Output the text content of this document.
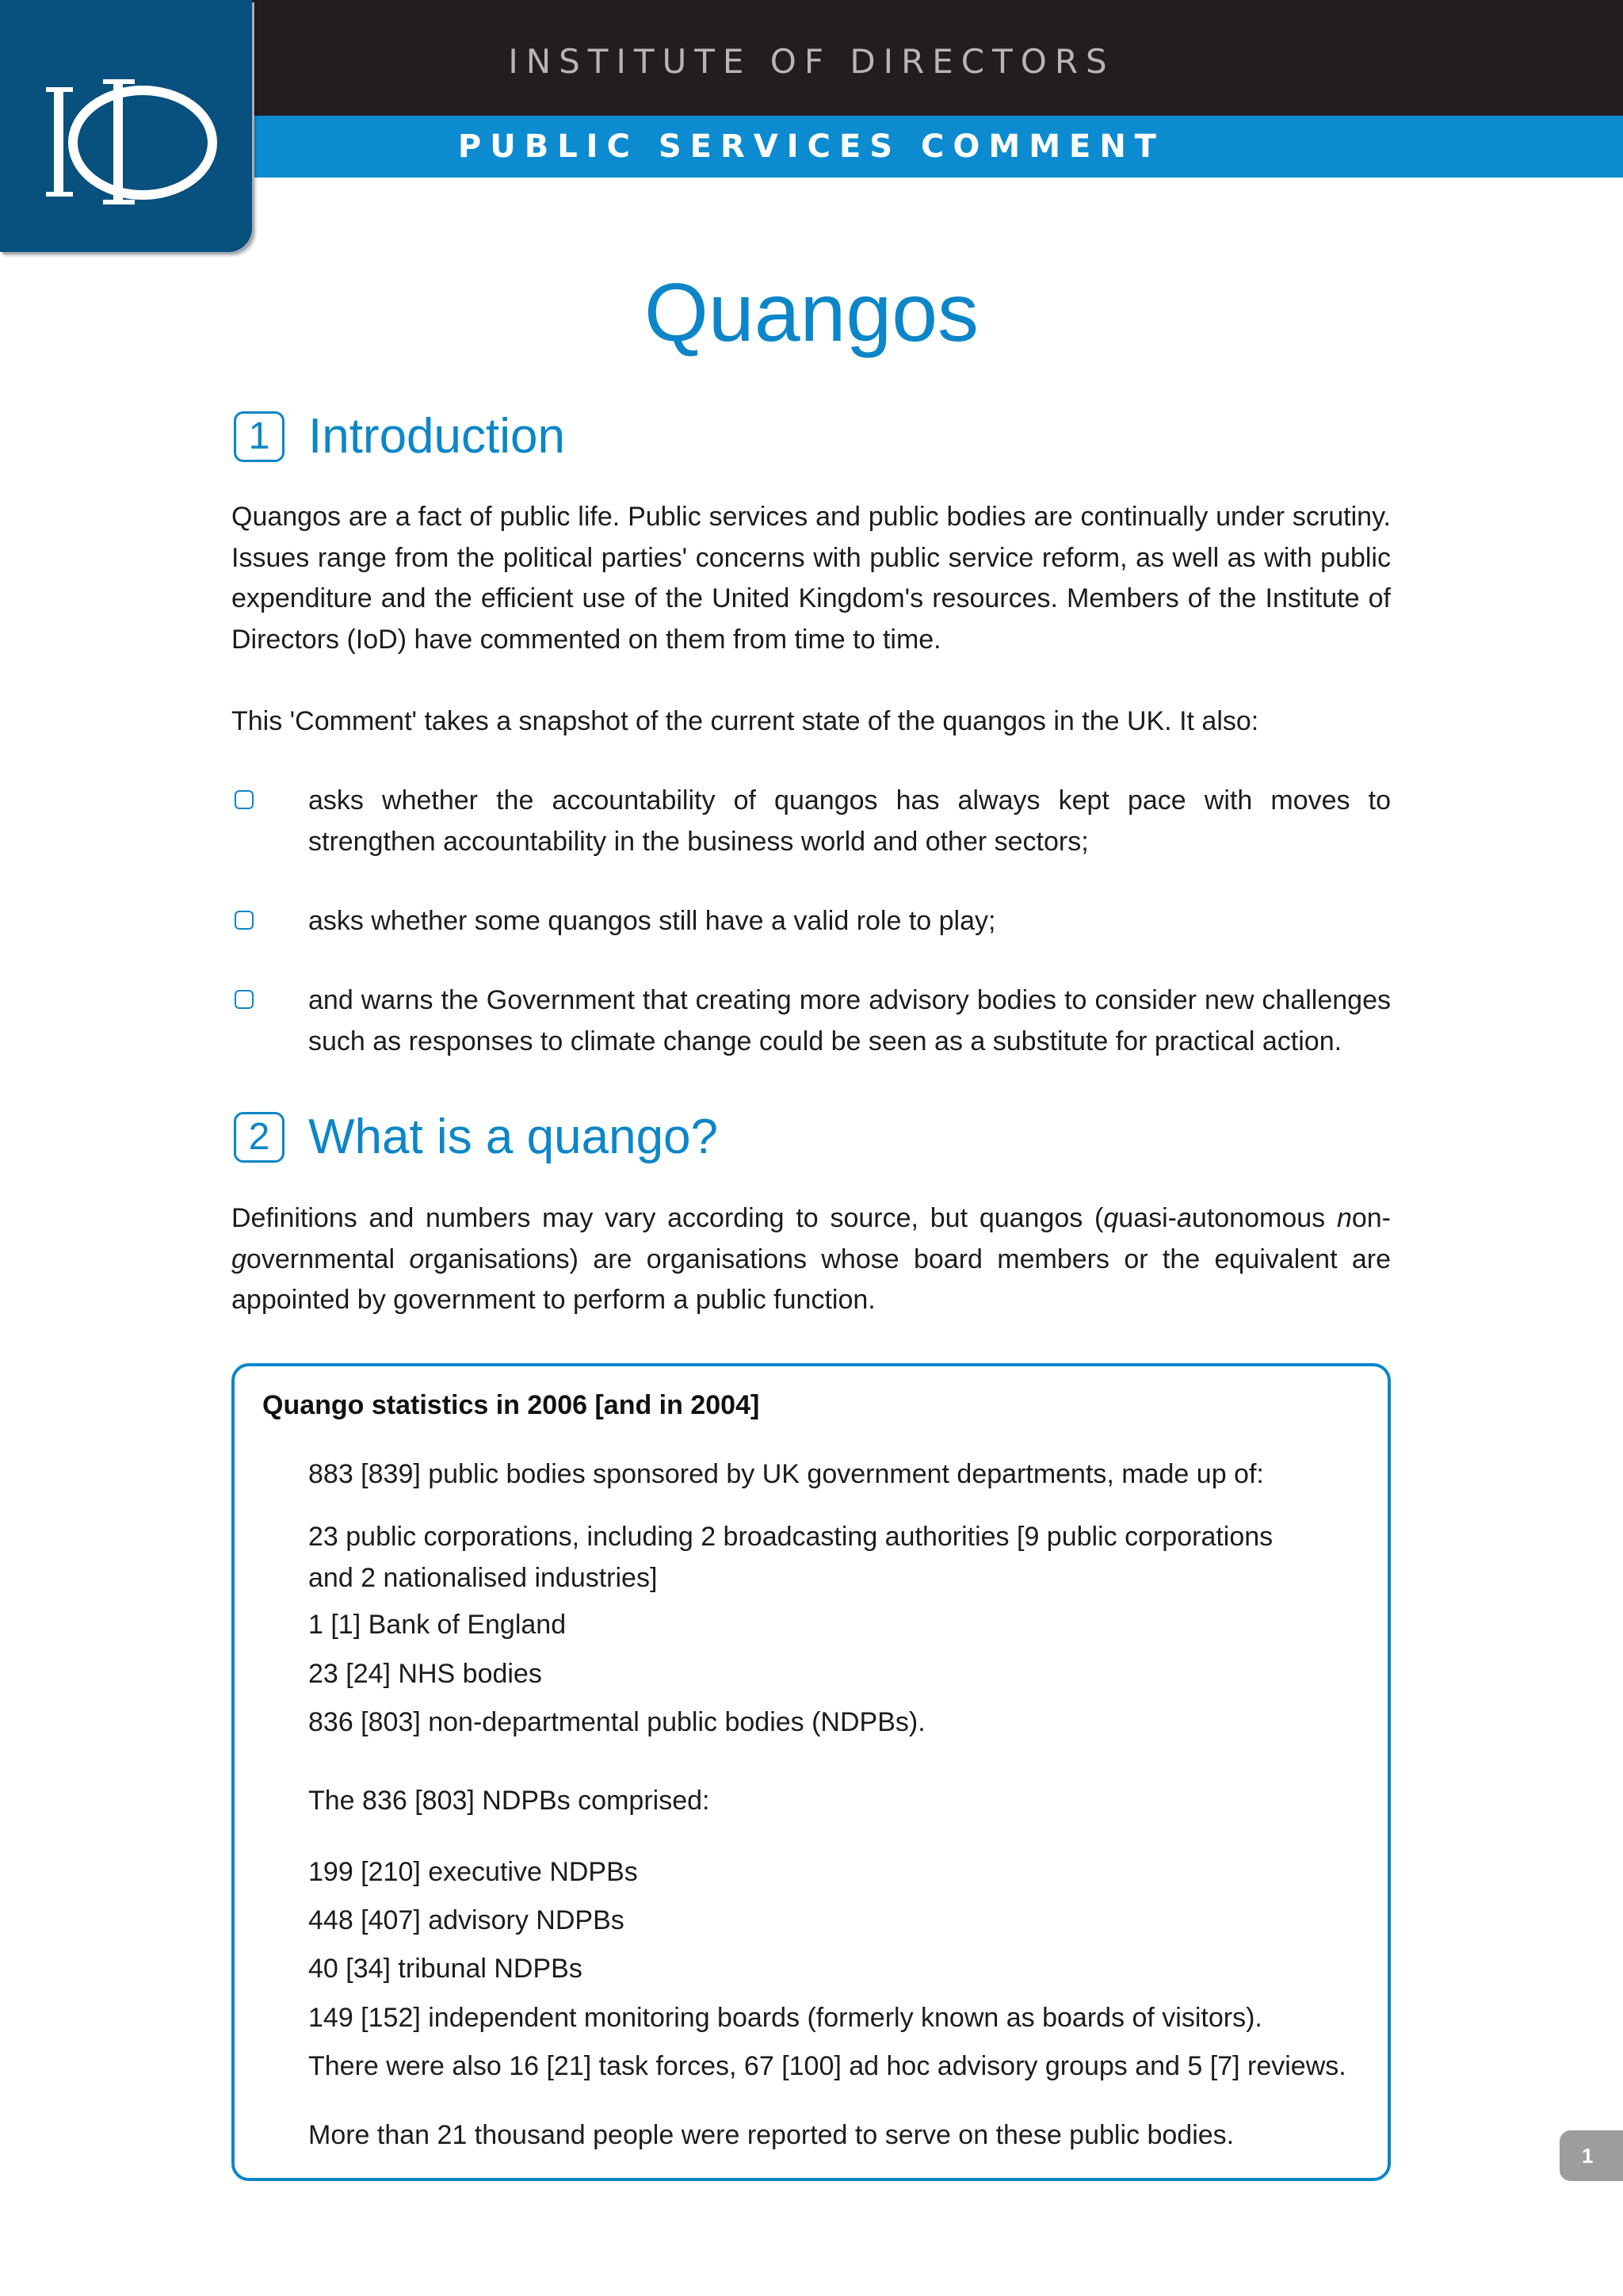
INSTITUTE OF DIRECTORS
PUBLIC SERVICES COMMENT
Quangos
1 Introduction

Quangos are a fact of public life. Public services and public bodies are continually under scrutiny. Issues range from the political parties' concerns with public service reform, as well as with public expenditure and the efficient use of the United Kingdom's resources. Members of the Institute of Directors (IoD) have commented on them from time to time.

This 'Comment' takes a snapshot of the current state of the quangos in the UK. It also:

asks whether the accountability of quangos has always kept pace with moves to strengthen accountability in the business world and other sectors;

asks whether some quangos still have a valid role to play;

and warns the Government that creating more advisory bodies to consider new challenges such as responses to climate change could be seen as a substitute for practical action.

2 What is a quango?

Definitions and numbers may vary according to source, but quangos (quasi-autonomous non-governmental organisations) are organisations whose board members or the equivalent are appointed by government to perform a public function.

Quango statistics in 2006 [and in 2004]

883 [839] public bodies sponsored by UK government departments, made up of:

23 public corporations, including 2 broadcasting authorities [9 public corporations and 2 nationalised industries]

1 [1] Bank of England

23 [24] NHS bodies

836 [803] non-departmental public bodies (NDPBs).

The 836 [803] NDPBs comprised:

199 [210] executive NDPBs

448 [407] advisory NDPBs

40 [34] tribunal NDPBs

149 [152] independent monitoring boards (formerly known as boards of visitors).

There were also 16 [21] task forces, 67 [100] ad hoc advisory groups and 5 [7] reviews.

More than 21 thousand people were reported to serve on these public bodies.

1
